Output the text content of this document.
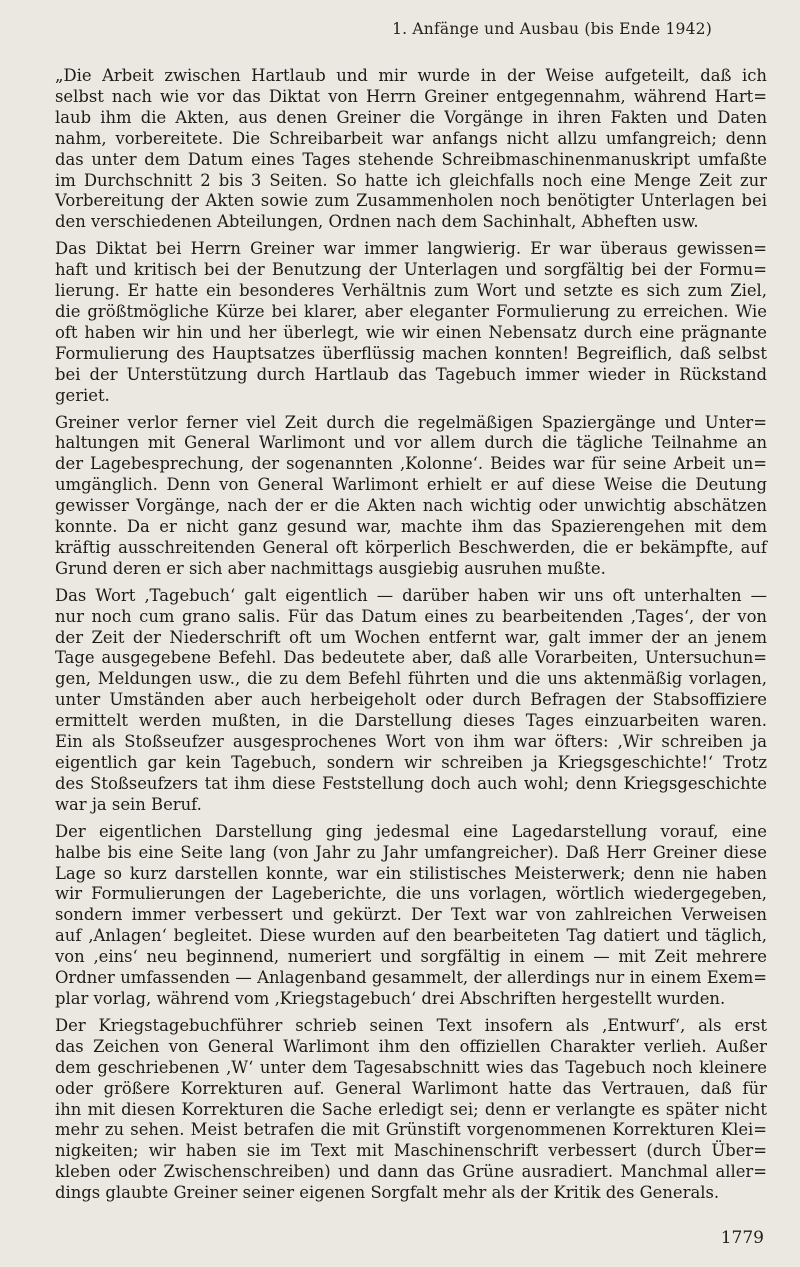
1. Anfänge und Ausbau (bis Ende 1942)

„Die Arbeit zwischen Hartlaub und mir wurde in der Weise aufgeteilt, daß ich
selbst nach wie vor das Diktat von Herrn Greiner entgegennahm, während Hart=
laub ihm die Akten, aus denen Greiner die Vorgänge in ihren Fakten und Daten
nahm, vorbereitete. Die Schreibarbeit war anfangs nicht allzu umfangreich; denn
das unter dem Datum eines Tages stehende Schreibmaschinenmanuskript umfaßte
im Durchschnitt 2 bis 3 Seiten. So hatte ich gleichfalls noch eine Menge Zeit zur
Vorbereitung der Akten sowie zum Zusammenholen noch benötigter Unterlagen bei
den verschiedenen Abteilungen, Ordnen nach dem Sachinhalt, Abheften usw.

Das Diktat bei Herrn Greiner war immer langwierig. Er war überaus gewissen=
haft und kritisch bei der Benutzung der Unterlagen und sorgfältig bei der Formu=
lierung. Er hatte ein besonderes Verhältnis zum Wort und setzte es sich zum Ziel,
die größtmögliche Kürze bei klarer, aber eleganter Formulierung zu erreichen. Wie
oft haben wir hin und her überlegt, wie wir einen Nebensatz durch eine prägnante
Formulierung des Hauptsatzes überflüssig machen konnten! Begreiflich, daß selbst
bei der Unterstützung durch Hartlaub das Tagebuch immer wieder in Rückstand
geriet.

Greiner verlor ferner viel Zeit durch die regelmäßigen Spaziergänge und Unter=
haltungen mit General Warlimont und vor allem durch die tägliche Teilnahme an
der Lagebesprechung, der sogenannten ‚Kolonne‘. Beides war für seine Arbeit un=
umgänglich. Denn von General Warlimont erhielt er auf diese Weise die Deutung
gewisser Vorgänge, nach der er die Akten nach wichtig oder unwichtig abschätzen
konnte. Da er nicht ganz gesund war, machte ihm das Spazierengehen mit dem
kräftig ausschreitenden General oft körperlich Beschwerden, die er bekämpfte, auf
Grund deren er sich aber nachmittags ausgiebig ausruhen mußte.

Das Wort ‚Tagebuch‘ galt eigentlich — darüber haben wir uns oft unterhalten —
nur noch cum grano salis. Für das Datum eines zu bearbeitenden ‚Tages‘, der von
der Zeit der Niederschrift oft um Wochen entfernt war, galt immer der an jenem
Tage ausgegebene Befehl. Das bedeutete aber, daß alle Vorarbeiten, Untersuchun=
gen, Meldungen usw., die zu dem Befehl führten und die uns aktenmäßig vorlagen,
unter Umständen aber auch herbeigeholt oder durch Befragen der Stabsoffiziere
ermittelt werden mußten, in die Darstellung dieses Tages einzuarbeiten waren.
Ein als Stoßseufzer ausgesprochenes Wort von ihm war öfters: ‚Wir schreiben ja
eigentlich gar kein Tagebuch, sondern wir schreiben ja Kriegsgeschichte!‘ Trotz
des Stoßseufzers tat ihm diese Feststellung doch auch wohl; denn Kriegsgeschichte
war ja sein Beruf.

Der eigentlichen Darstellung ging jedesmal eine Lagedarstellung vorauf, eine
halbe bis eine Seite lang (von Jahr zu Jahr umfangreicher). Daß Herr Greiner diese
Lage so kurz darstellen konnte, war ein stilistisches Meisterwerk; denn nie haben
wir Formulierungen der Lageberichte, die uns vorlagen, wörtlich wiedergegeben,
sondern immer verbessert und gekürzt. Der Text war von zahlreichen Verweisen
auf ‚Anlagen‘ begleitet. Diese wurden auf den bearbeiteten Tag datiert und täglich,
von ‚eins‘ neu beginnend, numeriert und sorgfältig in einem — mit Zeit mehrere
Ordner umfassenden — Anlagenband gesammelt, der allerdings nur in einem Exem=
plar vorlag, während vom ‚Kriegstagebuch‘ drei Abschriften hergestellt wurden.

Der Kriegstagebuchführer schrieb seinen Text insofern als ‚Entwurf‘, als erst
das Zeichen von General Warlimont ihm den offiziellen Charakter verlieh. Außer
dem geschriebenen ‚W‘ unter dem Tagesabschnitt wies das Tagebuch noch kleinere
oder größere Korrekturen auf. General Warlimont hatte das Vertrauen, daß für
ihn mit diesen Korrekturen die Sache erledigt sei; denn er verlangte es später nicht
mehr zu sehen. Meist betrafen die mit Grünstift vorgenommenen Korrekturen Klei=
nigkeiten; wir haben sie im Text mit Maschinenschrift verbessert (durch Über=
kleben oder Zwischenschreiben) und dann das Grüne ausradiert. Manchmal aller=
dings glaubte Greiner seiner eigenen Sorgfalt mehr als der Kritik des Generals.

1779
